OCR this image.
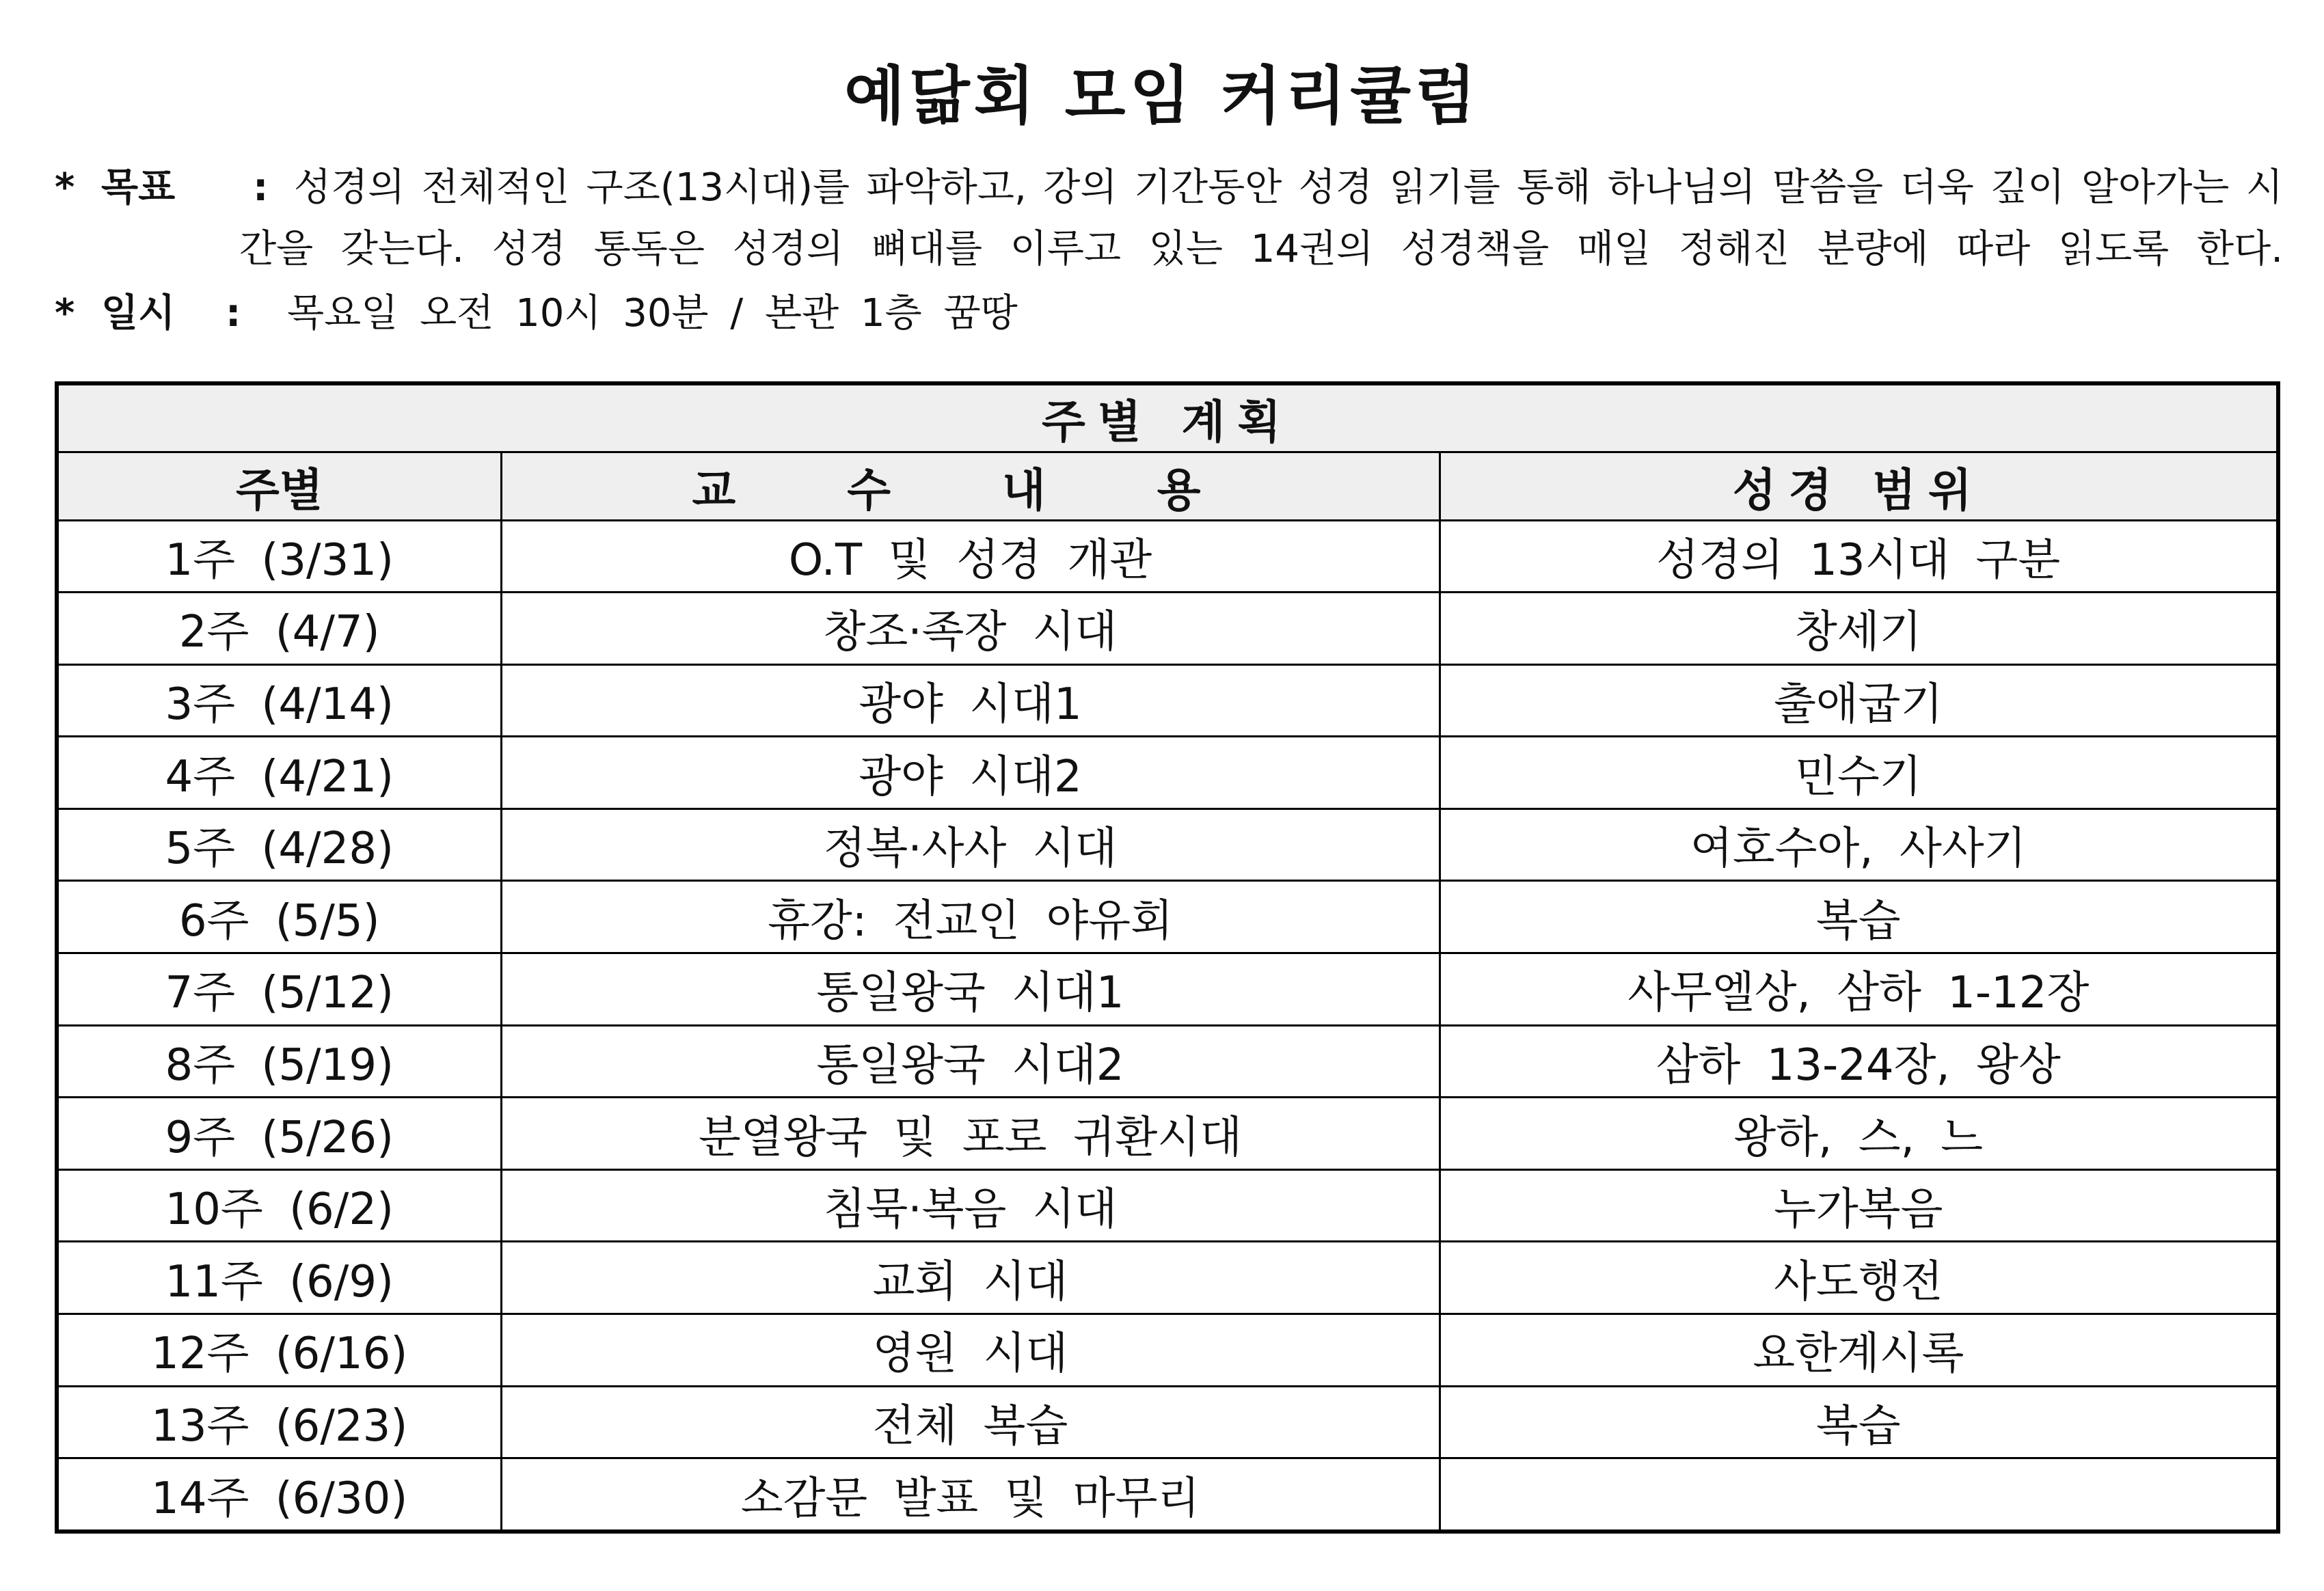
예닮회 모임 커리큘럼
* 목표 : 성경의 전체적인 구조(13시대)를 파악하고, 강의 기간동안 성경 읽기를 통해 하나님의 말씀을 더욱 깊이 알아가는 시
간을 갖는다. 성경 통독은 성경의 뼈대를 이루고 있는 14권의 성경책을 매일 정해진 분량에 따라 읽도록 한다.
* 일시 : 목요일 오전 10시 30분 / 본관 1층 꿈땅
주별 계획		
주별	교 수 내 용	성경 범위
1주 (3/31)	O.T 및 성경 개관	성경의 13시대 구분
2주 (4/7)	창조·족장 시대	창세기
3주 (4/14)	광야 시대1	출애굽기
4주 (4/21)	광야 시대2	민수기
5주 (4/28)	정복·사사 시대	여호수아, 사사기
6주 (5/5)	휴강: 전교인 야유회	복습
7주 (5/12)	통일왕국 시대1	사무엘상, 삼하 1-12장
8주 (5/19)	통일왕국 시대2	삼하 13-24장, 왕상
9주 (5/26)	분열왕국 및 포로 귀환시대	왕하, 스, 느
10주 (6/2)	침묵·복음 시대	누가복음
11주 (6/9)	교회 시대	사도행전
12주 (6/16)	영원 시대	요한계시록
13주 (6/23)	전체 복습	복습
14주 (6/30)	소감문 발표 및 마무리	
